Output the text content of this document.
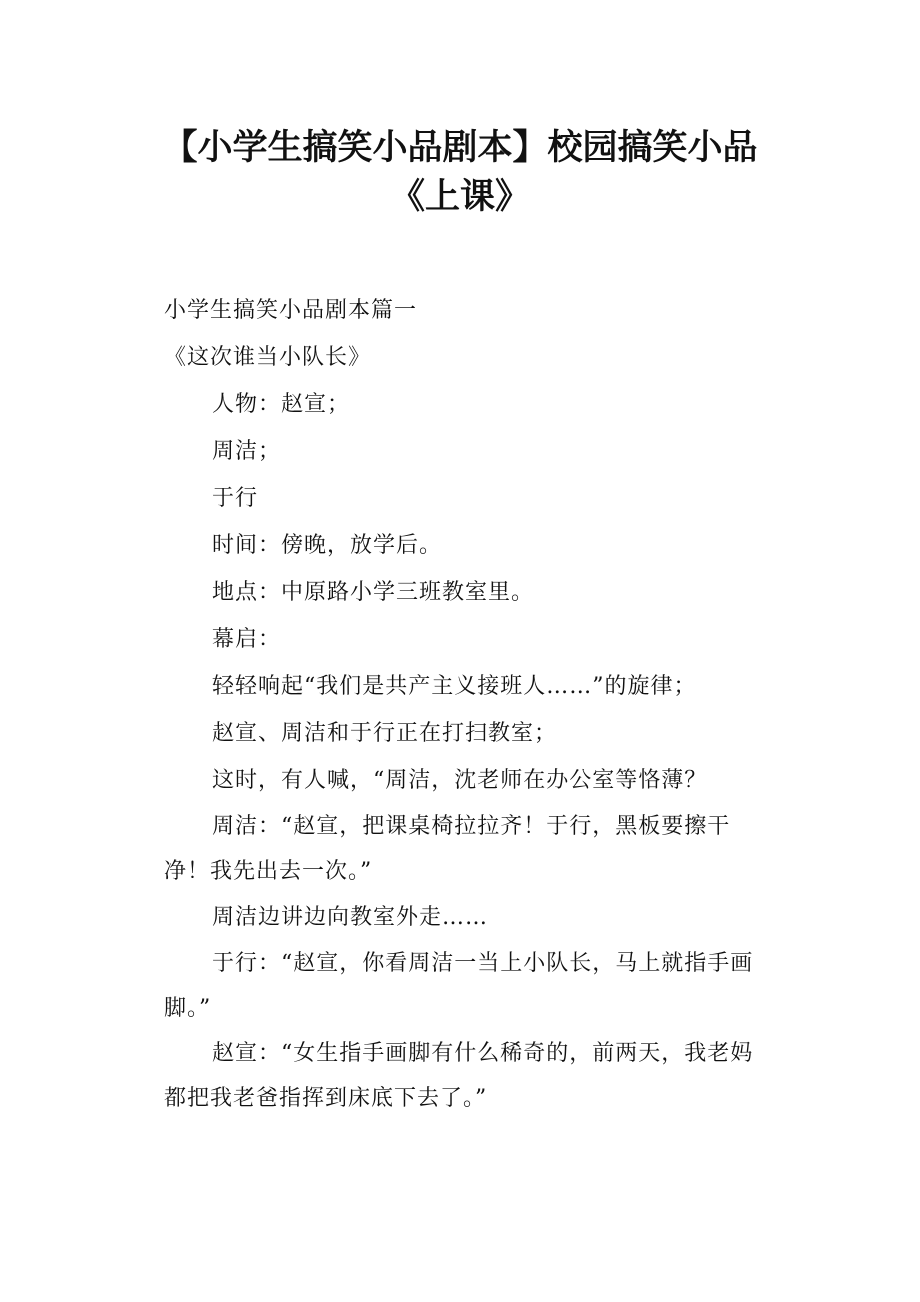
【小学生搞笑小品剧本】校园搞笑小品
《上课》

小学生搞笑小品剧本篇一

《这次谁当小队长》

人物：赵宣；

周洁；

于行

时间：傍晚，放学后。

地点：中原路小学三班教室里。

幕启：

轻轻响起“我们是共产主义接班人……”的旋律；

赵宣、周洁和于行正在打扫教室；

这时，有人喊，“周洁，沈老师在办公室等恪薄？

周洁：“赵宣，把课桌椅拉拉齐！于行，黑板要擦干净！我先出去一次。”

周洁边讲边向教室外走……

于行：“赵宣，你看周洁一当上小队长，马上就指手画脚。”

赵宣：“女生指手画脚有什么稀奇的，前两天，我老妈都把我老爸指挥到床底下去了。”
